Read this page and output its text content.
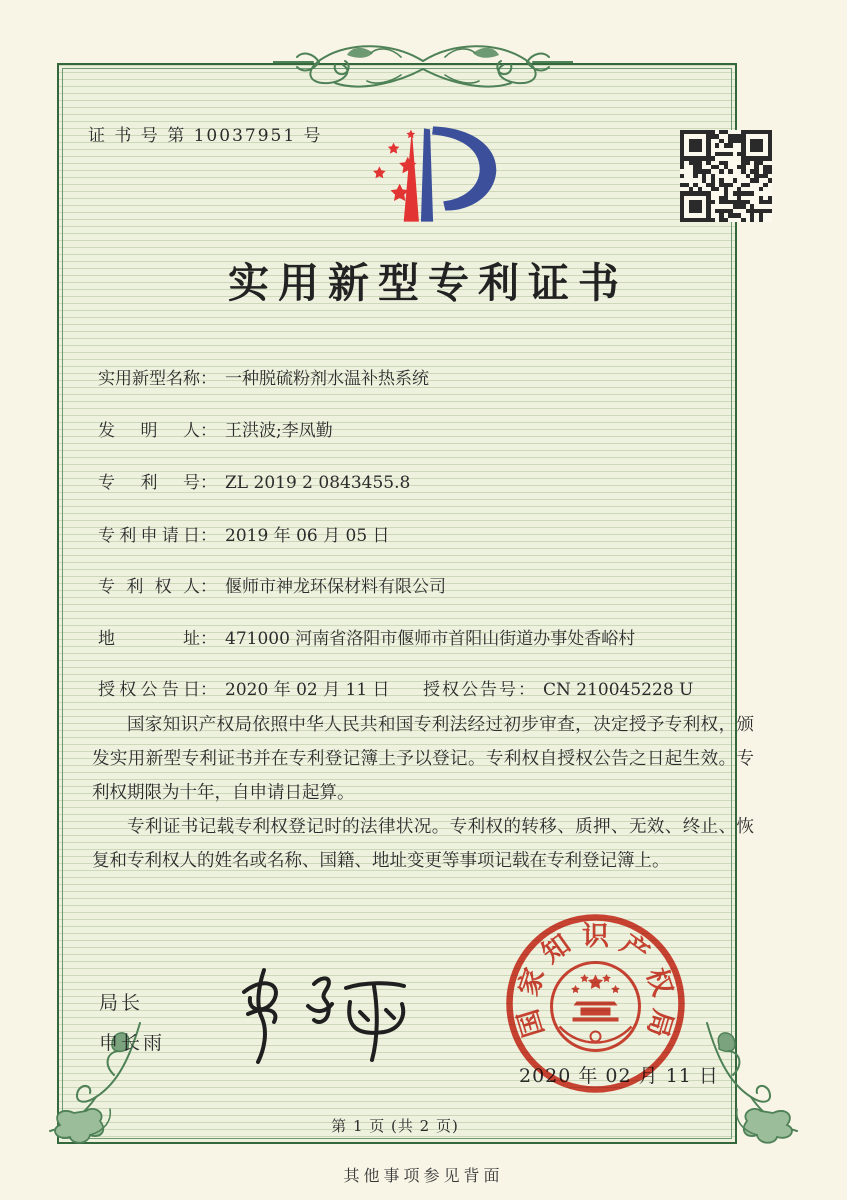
证 书 号 第 10037951 号
实用新型专利证书
实用新型名称： 一种脱硫粉剂水温补热系统
发明人： 王洪波;李凤勤
专利号： ZL 2019 2 0843455.8
专利申请日： 2019 年 06 月 05 日
专利权人： 偃师市神龙环保材料有限公司
地址： 471000 河南省洛阳市偃师市首阳山街道办事处香峪村
授权公告日： 2020 年 02 月 11 日 授权公告号： CN 210045228 U

国家知识产权局依照中华人民共和国专利法经过初步审查，决定授予专利权，颁发实用新型专利证书并在专利登记簿上予以登记。专利权自授权公告之日起生效。专利权期限为十年，自申请日起算。

专利证书记载专利权登记时的法律状况。专利权的转移、质押、无效、终止、恢复和专利权人的姓名或名称、国籍、地址变更等事项记载在专利登记簿上。

局长
申长雨
2020 年 02 月 11 日
国
家
知 识 产
权
局
第 1 页 (共 2 页)
其他事项参见背面
